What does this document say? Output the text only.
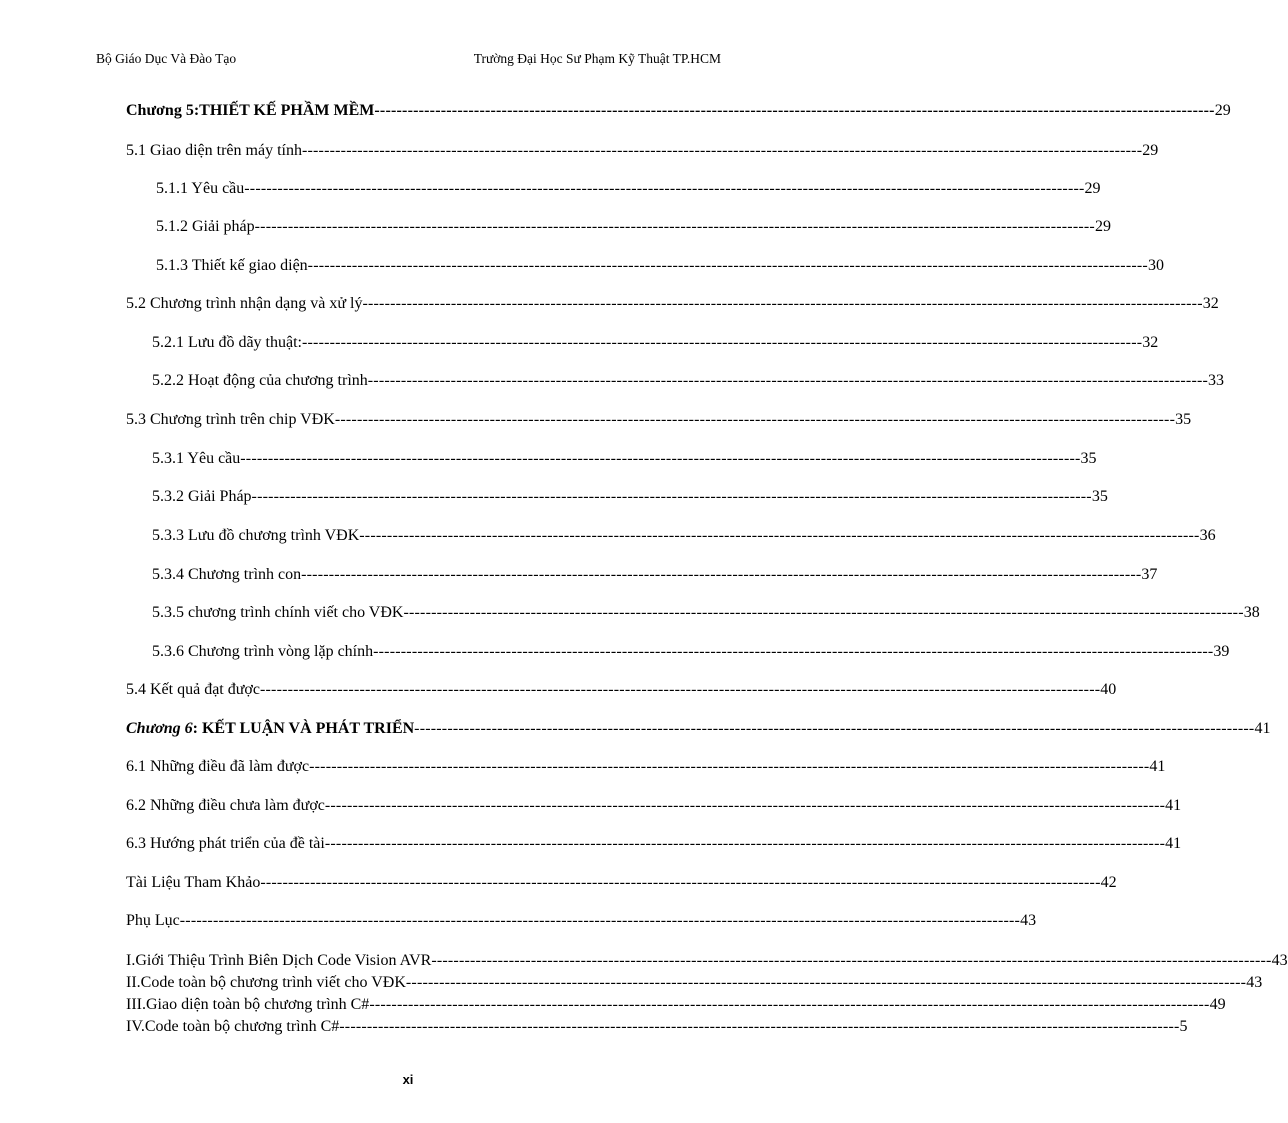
Bộ Giáo Dục Và Đào Tạo	Trường Đại Học Sư Phạm Kỹ Thuật TP.HCM
Chương 5:THIẾT KẾ PHẦM MỀM -------------------------------------------------------------------------------------------------------------------------------------------------------- 29
5.1 Giao diện trên máy tính -------------------------------------------------------------------------------------------------------------------------------------------------------- 29
5.1.1 Yêu cầu -------------------------------------------------------------------------------------------------------------------------------------------------------- 29
5.1.2 Giải pháp -------------------------------------------------------------------------------------------------------------------------------------------------------- 29
5.1.3 Thiết kế giao diện -------------------------------------------------------------------------------------------------------------------------------------------------------- 30
5.2 Chương trình nhận dạng và xử lý -------------------------------------------------------------------------------------------------------------------------------------------------------- 32
5.2.1 Lưu đồ dãy thuật: -------------------------------------------------------------------------------------------------------------------------------------------------------- 32
5.2.2 Hoạt động của chương trình -------------------------------------------------------------------------------------------------------------------------------------------------------- 33
5.3 Chương trình trên chip VĐK -------------------------------------------------------------------------------------------------------------------------------------------------------- 35
5.3.1 Yêu cầu -------------------------------------------------------------------------------------------------------------------------------------------------------- 35
5.3.2 Giải Pháp -------------------------------------------------------------------------------------------------------------------------------------------------------- 35
5.3.3 Lưu đồ chương trình VĐK -------------------------------------------------------------------------------------------------------------------------------------------------------- 36
5.3.4 Chương trình con -------------------------------------------------------------------------------------------------------------------------------------------------------- 37
5.3.5 chương trình chính viết cho VĐK -------------------------------------------------------------------------------------------------------------------------------------------------------- 38
5.3.6 Chương trình vòng lặp chính -------------------------------------------------------------------------------------------------------------------------------------------------------- 39
5.4 Kết quả đạt được -------------------------------------------------------------------------------------------------------------------------------------------------------- 40
Chương 6: KẾT LUẬN VÀ PHÁT TRIỂN -------------------------------------------------------------------------------------------------------------------------------------------------------- 41
6.1 Những điều đã làm được -------------------------------------------------------------------------------------------------------------------------------------------------------- 41
6.2 Những điều chưa làm được -------------------------------------------------------------------------------------------------------------------------------------------------------- 41
6.3 Hướng phát triển của đề tài -------------------------------------------------------------------------------------------------------------------------------------------------------- 41
Tài Liệu Tham Khảo -------------------------------------------------------------------------------------------------------------------------------------------------------- 42
Phụ Lục -------------------------------------------------------------------------------------------------------------------------------------------------------- 43
I.Giới Thiệu Trình Biên Dịch Code Vision AVR -------------------------------------------------------------------------------------------------------------------------------------------------------- 43
II.Code toàn bộ chương trình viết cho VĐK -------------------------------------------------------------------------------------------------------------------------------------------------------- 43
III.Giao diện toàn bộ chương trình C# -------------------------------------------------------------------------------------------------------------------------------------------------------- 49
IV.Code toàn bộ chương trình C# -------------------------------------------------------------------------------------------------------------------------------------------------------- 5
xi
